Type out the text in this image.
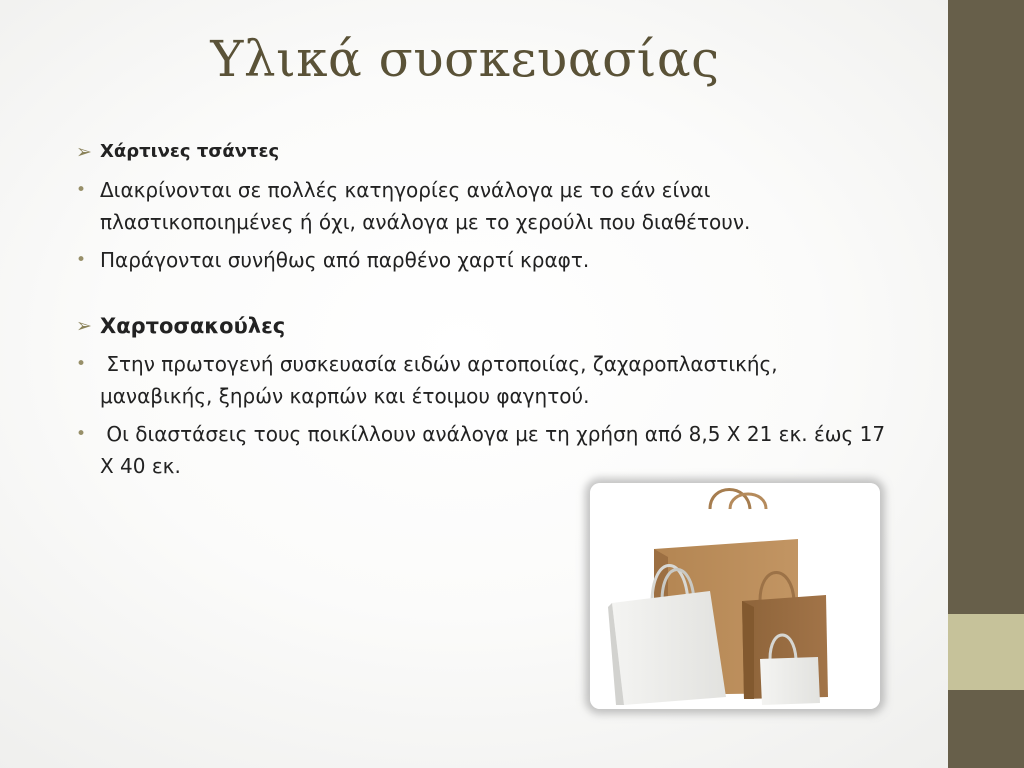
Υλικά συσκευασίας
➢ Χάρτινες τσάντες
• Διακρίνονται σε πολλές κατηγορίες ανάλογα με το εάν είναι πλαστικοποιημένες ή όχι, ανάλογα με το χερούλι που διαθέτουν.
• Παράγονται συνήθως από παρθένο χαρτί κραφτ.
➢ Χαρτοσακούλες
• Στην πρωτογενή συσκευασία ειδών αρτοποιίας, ζαχαροπλαστικής, μαναβικής, ξηρών καρπών και έτοιμου φαγητού.
• Οι διαστάσεις τους ποικίλλουν ανάλογα με τη χρήση από 8,5 Χ 21 εκ. έως 17 Χ 40 εκ.
